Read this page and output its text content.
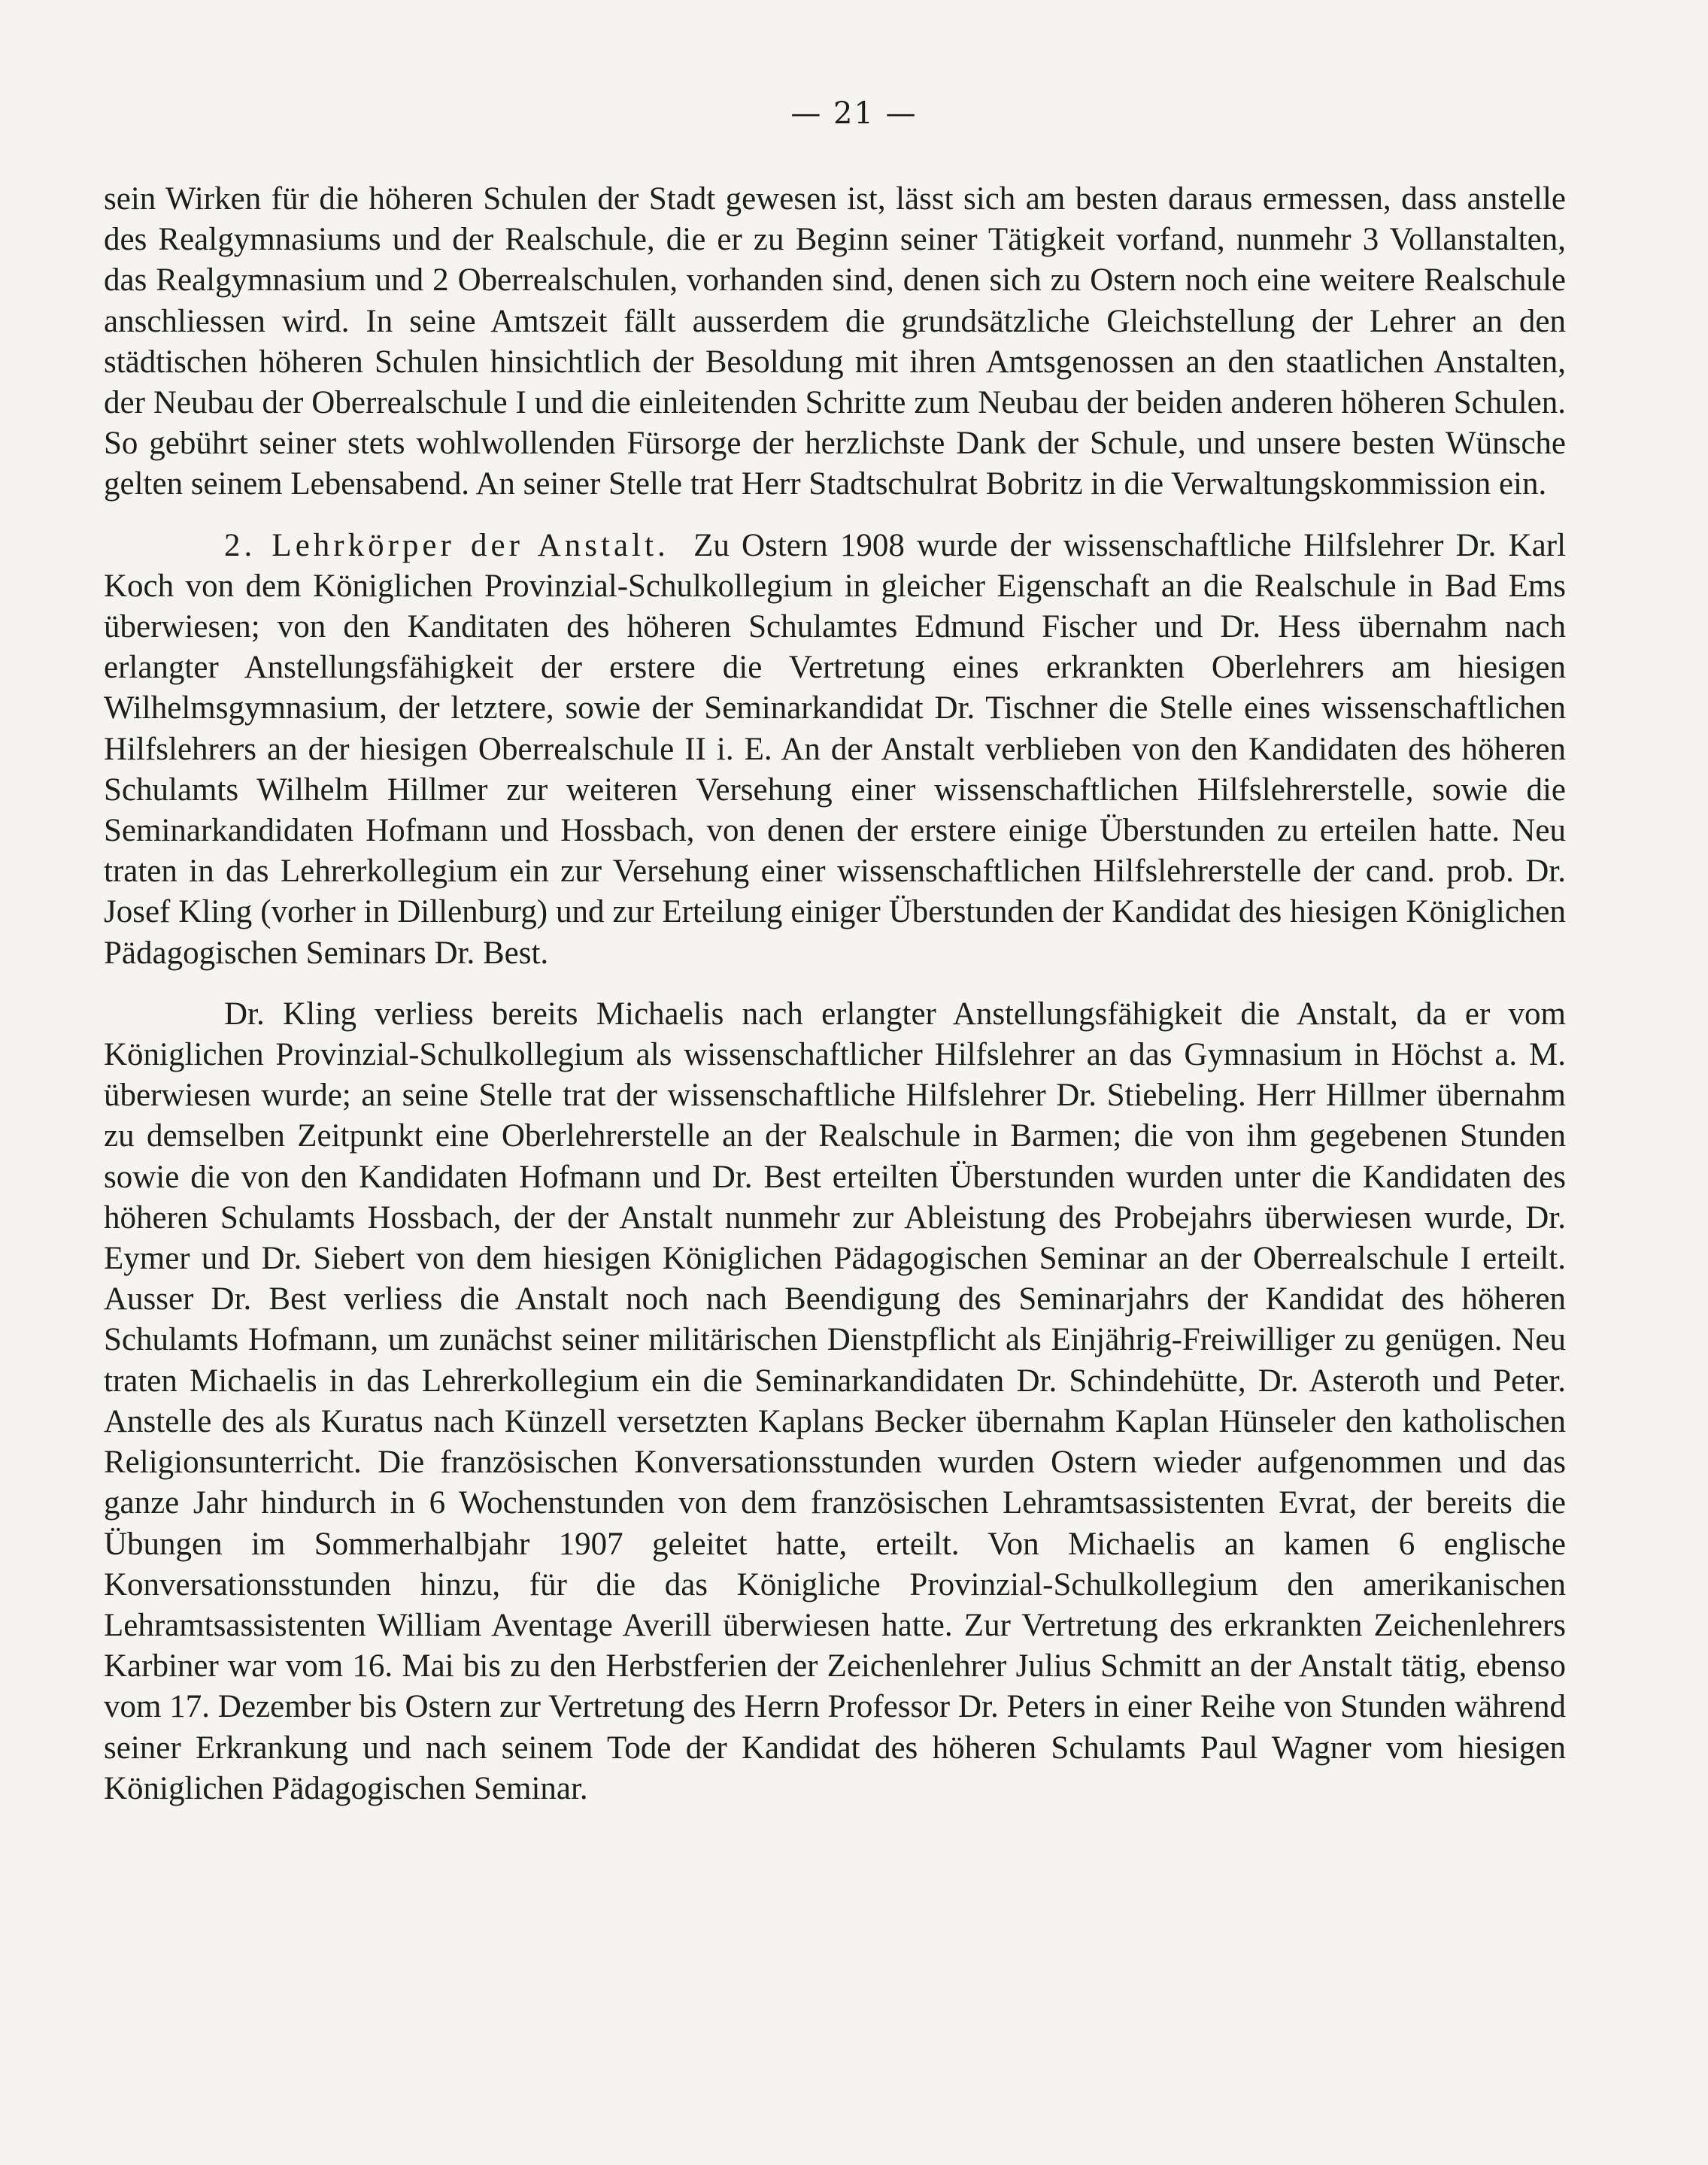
— 21 —

sein Wirken für die höheren Schulen der Stadt gewesen ist, lässt sich am besten daraus ermessen, dass anstelle des Realgymnasiums und der Realschule, die er zu Beginn seiner Tätigkeit vorfand, nunmehr 3 Vollanstalten, das Realgymnasium und 2 Oberrealschulen, vorhanden sind, denen sich zu Ostern noch eine weitere Realschule anschliessen wird. In seine Amtszeit fällt ausserdem die grundsätzliche Gleichstellung der Lehrer an den städtischen höheren Schulen hinsichtlich der Besoldung mit ihren Amtsgenossen an den staatlichen Anstalten, der Neubau der Oberrealschule I und die einleitenden Schritte zum Neubau der beiden anderen höheren Schulen. So gebührt seiner stets wohlwollenden Fürsorge der herzlichste Dank der Schule, und unsere besten Wünsche gelten seinem Lebensabend. An seiner Stelle trat Herr Stadtschulrat Bobritz in die Verwaltungskommission ein.

2. Lehrkörper der Anstalt. Zu Ostern 1908 wurde der wissenschaftliche Hilfslehrer Dr. Karl Koch von dem Königlichen Provinzial-Schulkollegium in gleicher Eigenschaft an die Realschule in Bad Ems überwiesen; von den Kanditaten des höheren Schulamtes Edmund Fischer und Dr. Hess übernahm nach erlangter Anstellungsfähigkeit der erstere die Vertretung eines erkrankten Oberlehrers am hiesigen Wilhelmsgymnasium, der letztere, sowie der Seminarkandidat Dr. Tischner die Stelle eines wissenschaftlichen Hilfslehrers an der hiesigen Oberrealschule II i. E. An der Anstalt verblieben von den Kandidaten des höheren Schulamts Wilhelm Hillmer zur weiteren Versehung einer wissenschaftlichen Hilfslehrerstelle, sowie die Seminarkandidaten Hofmann und Hossbach, von denen der erstere einige Überstunden zu erteilen hatte. Neu traten in das Lehrerkollegium ein zur Versehung einer wissenschaftlichen Hilfslehrerstelle der cand. prob. Dr. Josef Kling (vorher in Dillenburg) und zur Erteilung einiger Überstunden der Kandidat des hiesigen Königlichen Pädagogischen Seminars Dr. Best.

Dr. Kling verliess bereits Michaelis nach erlangter Anstellungsfähigkeit die Anstalt, da er vom Königlichen Provinzial-Schulkollegium als wissenschaftlicher Hilfslehrer an das Gymnasium in Höchst a. M. überwiesen wurde; an seine Stelle trat der wissenschaftliche Hilfslehrer Dr. Stiebeling. Herr Hillmer übernahm zu demselben Zeitpunkt eine Oberlehrerstelle an der Realschule in Barmen; die von ihm gegebenen Stunden sowie die von den Kandidaten Hofmann und Dr. Best erteilten Überstunden wurden unter die Kandidaten des höheren Schulamts Hossbach, der der Anstalt nunmehr zur Ableistung des Probejahrs überwiesen wurde, Dr. Eymer und Dr. Siebert von dem hiesigen Königlichen Pädagogischen Seminar an der Oberrealschule I erteilt. Ausser Dr. Best verliess die Anstalt noch nach Beendigung des Seminarjahrs der Kandidat des höheren Schulamts Hofmann, um zunächst seiner militärischen Dienstpflicht als Einjährig-Freiwilliger zu genügen. Neu traten Michaelis in das Lehrerkollegium ein die Seminarkandidaten Dr. Schindehütte, Dr. Asteroth und Peter. Anstelle des als Kuratus nach Künzell versetzten Kaplans Becker übernahm Kaplan Hünseler den katholischen Religionsunterricht. Die französischen Konversationsstunden wurden Ostern wieder aufgenommen und das ganze Jahr hindurch in 6 Wochenstunden von dem französischen Lehramtsassistenten Evrat, der bereits die Übungen im Sommerhalbjahr 1907 geleitet hatte, erteilt. Von Michaelis an kamen 6 englische Konversationsstunden hinzu, für die das Königliche Provinzial-Schulkollegium den amerikanischen Lehramtsassistenten William Aventage Averill überwiesen hatte. Zur Vertretung des erkrankten Zeichenlehrers Karbiner war vom 16. Mai bis zu den Herbstferien der Zeichenlehrer Julius Schmitt an der Anstalt tätig, ebenso vom 17. Dezember bis Ostern zur Vertretung des Herrn Professor Dr. Peters in einer Reihe von Stunden während seiner Erkrankung und nach seinem Tode der Kandidat des höheren Schulamts Paul Wagner vom hiesigen Königlichen Pädagogischen Seminar.
